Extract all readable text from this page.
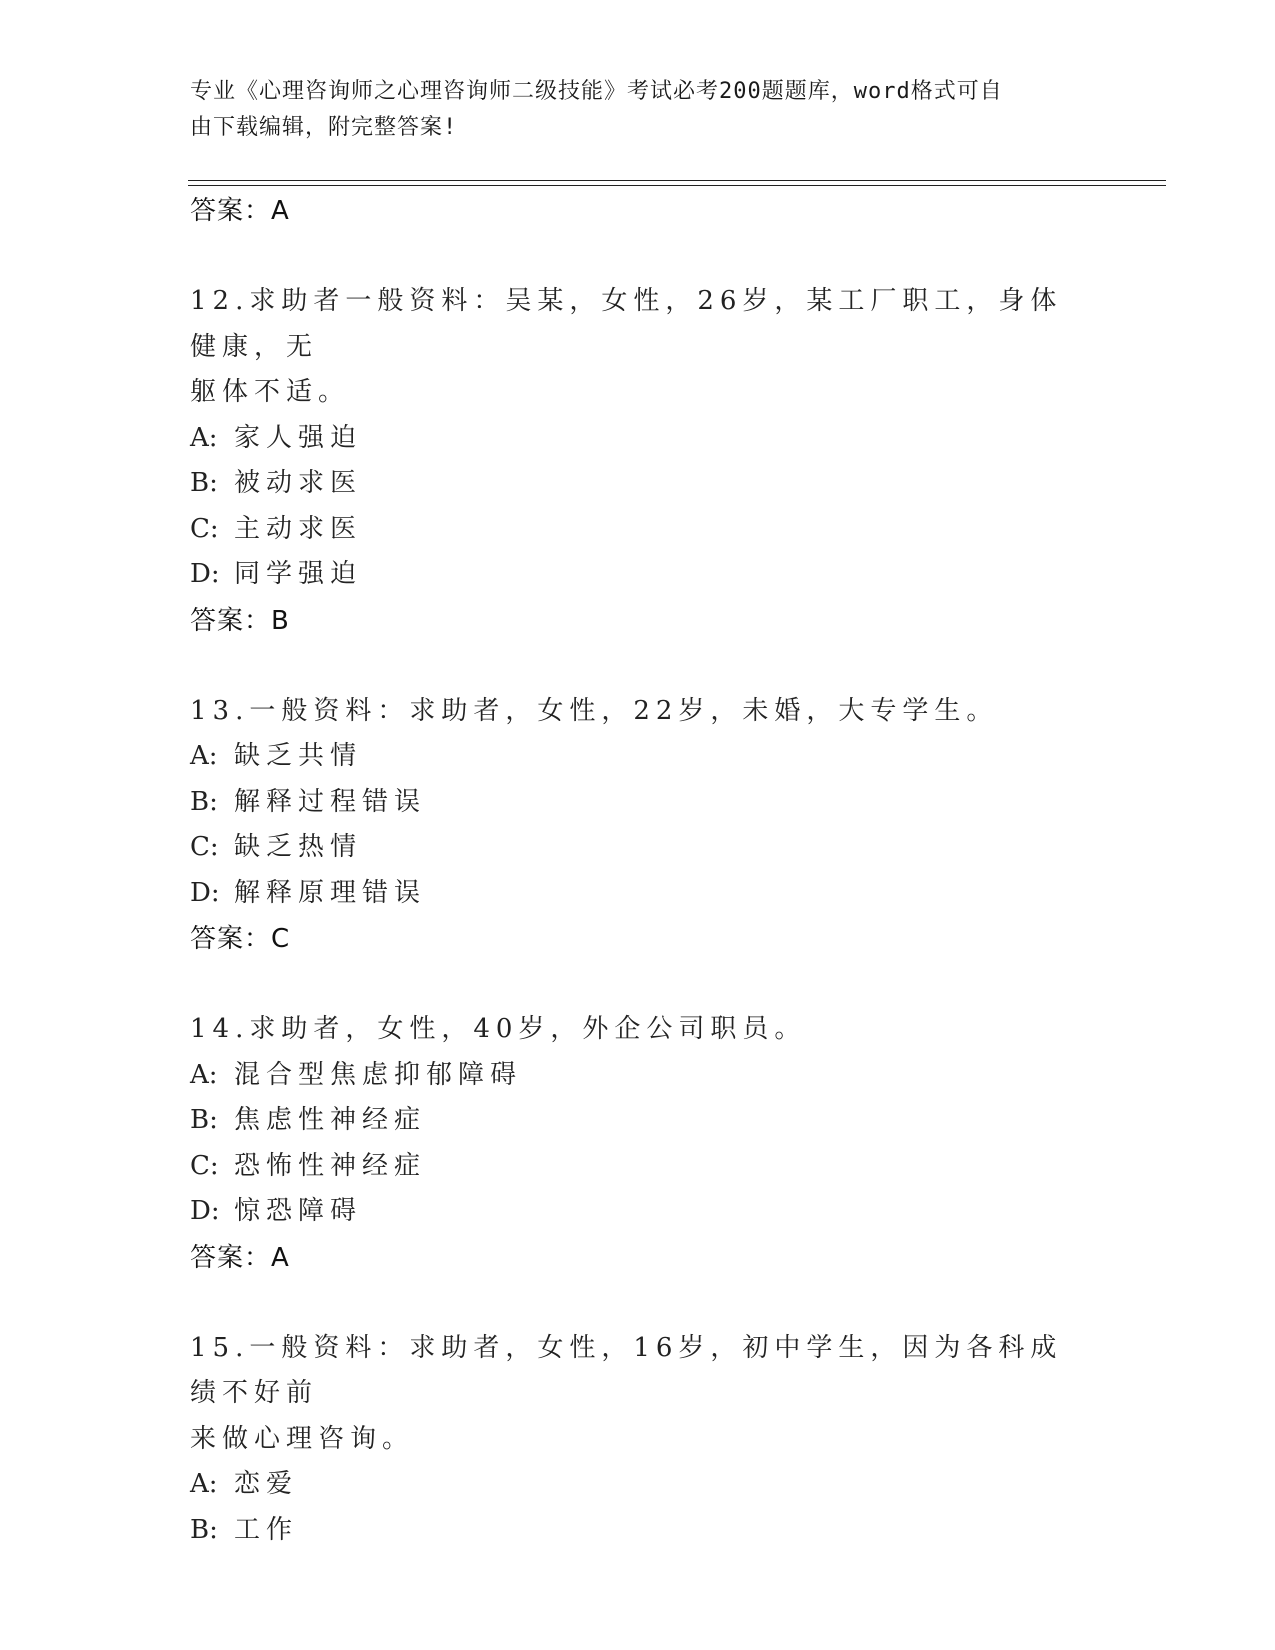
专业《心理咨询师之心理咨询师二级技能》考试必考200题题库，word格式可自
由下载编辑，附完整答案!
答案：A
12.求助者一般资料：吴某，女性，26岁，某工厂职工，身体健康，无
躯体不适。
A: 家人强迫
B: 被动求医
C: 主动求医
D: 同学强迫
答案：B
13.一般资料：求助者，女性，22岁，未婚，大专学生。
A: 缺乏共情
B: 解释过程错误
C: 缺乏热情
D: 解释原理错误
答案：C
14.求助者，女性，40岁，外企公司职员。
A: 混合型焦虑抑郁障碍
B: 焦虑性神经症
C: 恐怖性神经症
D: 惊恐障碍
答案：A
15.一般资料：求助者，女性，16岁，初中学生，因为各科成绩不好前
来做心理咨询。
A: 恋爱
B: 工作
